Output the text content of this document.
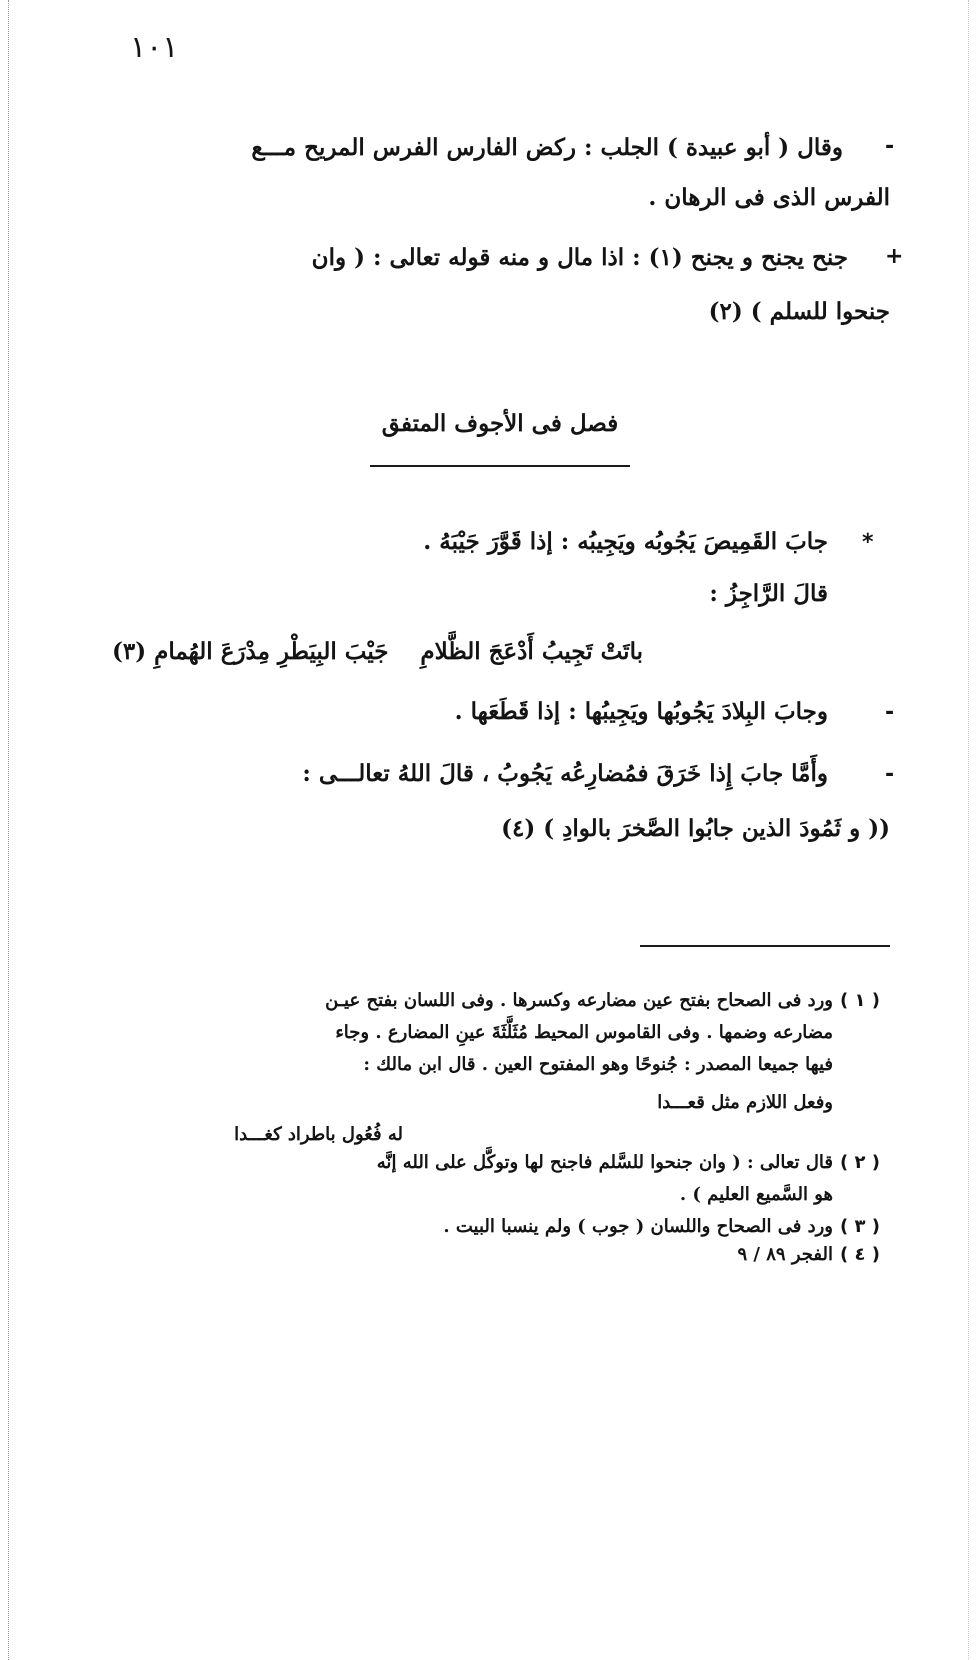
١٠١
-
وقال ( أبو عبيدة ) الجلب : ركض الفارس الفرس المريح مـــع
الفرس الذى فى الرهان .
+
جنح يجنح و يجنح (١) : اذا مال و منه قوله تعالى : ( وان
جنحوا للسلم ) (٢)
فصل فى الأجوف المتفق
*
جابَ القَمِيصَ يَجُوبُه ويَجِيبُه : إذا قَوَّرَ جَيْبَهُ .
قالَ الرَّاجِزُ :
باتَتْ تَجِيبُ أَدْعَجَ الظَّلامِ
جَيْبَ البِيَطْرِ مِدْرَعَ الهُمامِ (٣)
-
وجابَ البِلادَ يَجُوبُها ويَجِيبُها : إذا قَطَعَها .
-
وأَمَّا جابَ إِذا خَرَقَ فمُضارِعُه يَجُوبُ ، قالَ اللهُ تعالـــى :
(( و ثَمُودَ الذين جابُوا الصَّخرَ بالوادِ ) (٤)
( ١ )
ورد فى الصحاح بفتح عين مضارعه وكسرها . وفى اللسان بفتح عيـن
مضارعه وضمها . وفى القاموس المحيط مُثَلَّثَةَ عينِ المضارع . وجاء
فيها جميعا المصدر : جُنوحًا وهو المفتوح العين . قال ابن مالك :
وفعل اللازم مثل قعـــدا
له فُعُول باطراد كغـــدا
( ٢ )
قال تعالى : ( وان جنحوا للسَّلم فاجنح لها وتوكَّل على الله إنَّه
هو السَّميع العليم ) .
( ٣ )
ورد فى الصحاح واللسان ( جوب ) ولم ينسبا البيت .
( ٤ )
الفجر ٨٩ / ٩
